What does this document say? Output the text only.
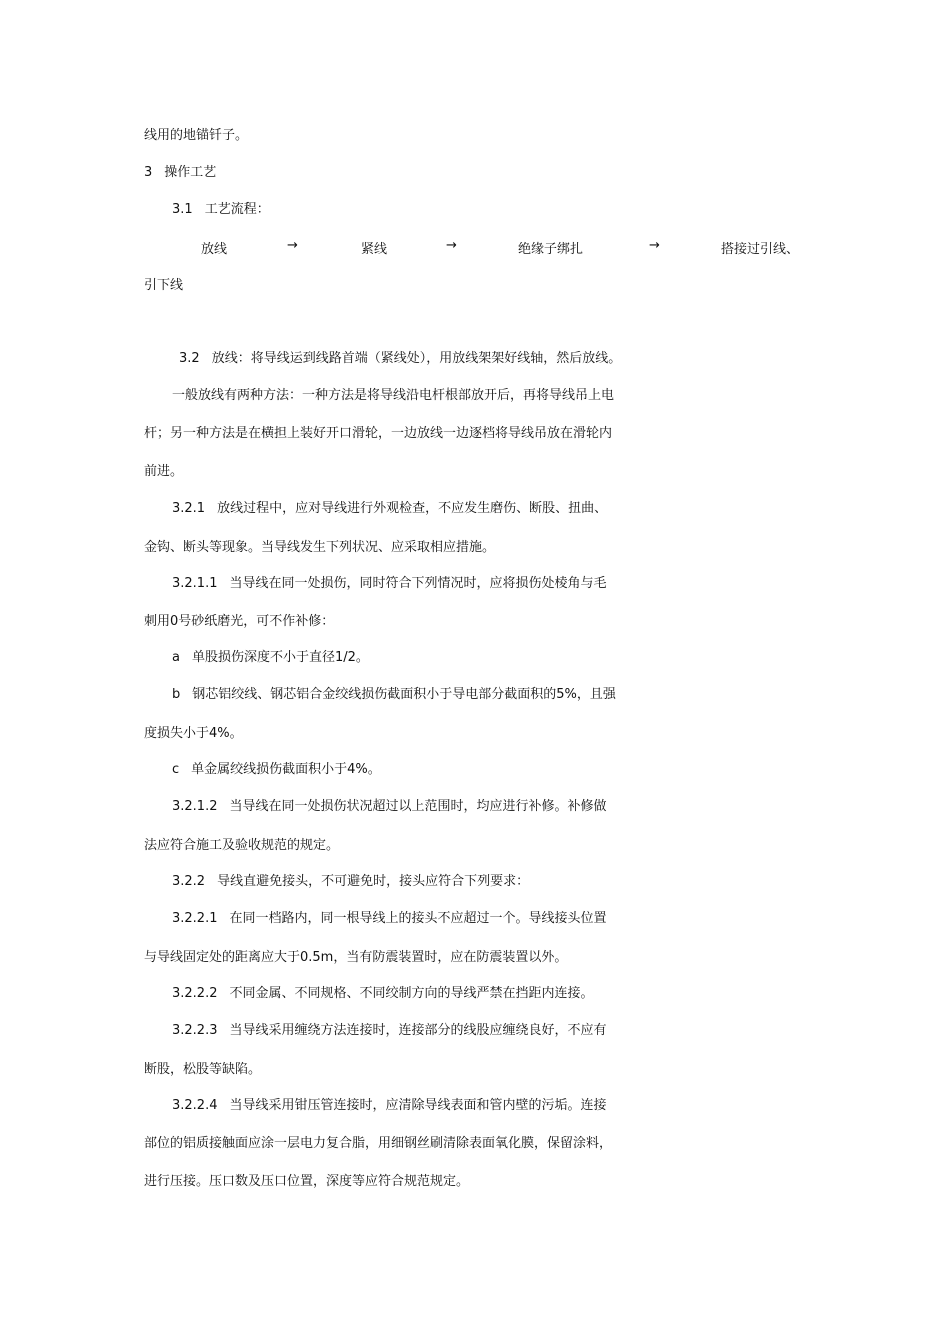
线用的地锚钎子。
3 操作工艺
3.1 工艺流程：
放线	→	紧线	→	绝缘子绑扎	→	搭接过引线、
引下线
3.2 放线：将导线运到线路首端（紧线处），用放线架架好线轴，然后放线。
一般放线有两种方法：一种方法是将导线沿电杆根部放开后，再将导线吊上电
杆；另一种方法是在横担上装好开口滑轮，一边放线一边逐档将导线吊放在滑轮内
前进。
3.2.1 放线过程中，应对导线进行外观检查，不应发生磨伤、断股、扭曲、
金钩、断头等现象。当导线发生下列状况、应采取相应措施。
3.2.1.1 当导线在同一处损伤，同时符合下列情况时，应将损伤处棱角与毛
刺用0号砂纸磨光，可不作补修：
a 单股损伤深度不小于直径1/2。
b 钢芯铝绞线、钢芯铝合金绞线损伤截面积小于导电部分截面积的5%，且强
度损失小于4%。
c 单金属绞线损伤截面积小于4%。
3.2.1.2 当导线在同一处损伤状况超过以上范围时，均应进行补修。补修做
法应符合施工及验收规范的规定。
3.2.2 导线直避免接头，不可避免时，接头应符合下列要求：
3.2.2.1 在同一档路内，同一根导线上的接头不应超过一个。导线接头位置
与导线固定处的距离应大于0.5m，当有防震装置时，应在防震装置以外。
3.2.2.2 不同金属、不同规格、不同绞制方向的导线严禁在挡距内连接。
3.2.2.3 当导线采用缠绕方法连接时，连接部分的线股应缠绕良好，不应有
断股，松股等缺陷。
3.2.2.4 当导线采用钳压管连接时，应清除导线表面和管内壁的污垢。连接
部位的铝质接触面应涂一层电力复合脂，用细钢丝刷清除表面氧化膜，保留涂料，
进行压接。压口数及压口位置，深度等应符合规范规定。
